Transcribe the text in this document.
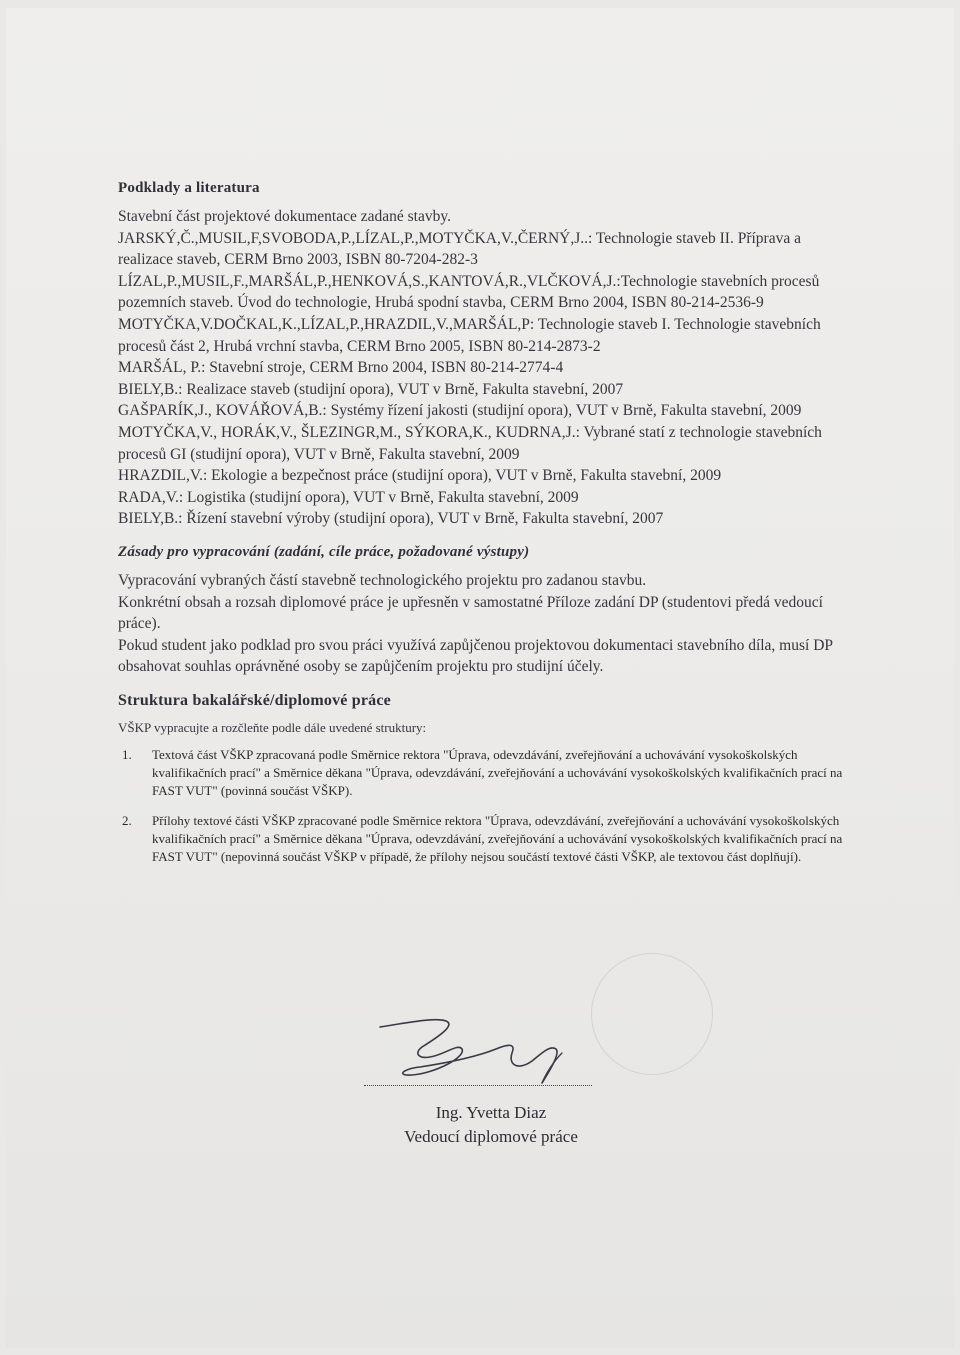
Podklady a literatura

Stavební část projektové dokumentace zadané stavby.

JARSKÝ,Č.,MUSIL,F,SVOBODA,P.,LÍZAL,P.,MOTYČKA,V.,ČERNÝ,J..: Technologie staveb II. Příprava a realizace staveb, CERM Brno 2003, ISBN 80-7204-282-3

LÍZAL,P.,MUSIL,F.,MARŠÁL,P.,HENKOVÁ,S.,KANTOVÁ,R.,VLČKOVÁ,J.:Technologie stavebních procesů pozemních staveb. Úvod do technologie, Hrubá spodní stavba, CERM Brno 2004, ISBN 80-214-2536-9

MOTYČKA,V.DOČKAL,K.,LÍZAL,P.,HRAZDIL,V.,MARŠÁL,P: Technologie staveb I. Technologie stavebních procesů část 2, Hrubá vrchní stavba, CERM Brno 2005, ISBN 80-214-2873-2

MARŠÁL, P.: Stavební stroje, CERM Brno 2004, ISBN 80-214-2774-4

BIELY,B.: Realizace staveb (studijní opora), VUT v Brně, Fakulta stavební, 2007

GAŠPARÍK,J., KOVÁŘOVÁ,B.: Systémy řízení jakosti (studijní opora), VUT v Brně, Fakulta stavební, 2009

MOTYČKA,V., HORÁK,V., ŠLEZINGR,M., SÝKORA,K., KUDRNA,J.: Vybrané statí z technologie stavebních procesů GI (studijní opora), VUT v Brně, Fakulta stavební, 2009

HRAZDIL,V.: Ekologie a bezpečnost práce (studijní opora), VUT v Brně, Fakulta stavební, 2009

RADA,V.: Logistika (studijní opora), VUT v Brně, Fakulta stavební, 2009

BIELY,B.: Řízení stavební výroby (studijní opora), VUT v Brně, Fakulta stavební, 2007

Zásady pro vypracování (zadání, cíle práce, požadované výstupy)

Vypracování vybraných částí stavebně technologického projektu pro zadanou stavbu.

Konkrétní obsah a rozsah diplomové práce je upřesněn v samostatné Příloze zadání DP (studentovi předá vedoucí práce).

Pokud student jako podklad pro svou práci využívá zapůjčenou projektovou dokumentaci stavebního díla, musí DP obsahovat souhlas oprávněné osoby se zapůjčením projektu pro studijní účely.

Struktura bakalářské/diplomové práce
VŠKP vypracujte a rozčleňte podle dále uvedené struktury:
1.	Textová část VŠKP zpracovaná podle Směrnice rektora "Úprava, odevzdávání, zveřejňování a uchovávání vysokoškolských kvalifikačních prací" a Směrnice děkana "Úprava, odevzdávání, zveřejňování a uchovávání vysokoškolských kvalifikačních prací na FAST VUT" (povinná součást VŠKP).
2.	Přílohy textové části VŠKP zpracované podle Směrnice rektora "Úprava, odevzdávání, zveřejňování a uchovávání vysokoškolských kvalifikačních prací" a Směrnice děkana "Úprava, odevzdávání, zveřejňování a uchovávání vysokoškolských kvalifikačních prací na FAST VUT" (nepovinná součást VŠKP v případě, že přílohy nejsou součástí textové části VŠKP, ale textovou část doplňují).
Ing. Yvetta Diaz
Vedoucí diplomové práce
